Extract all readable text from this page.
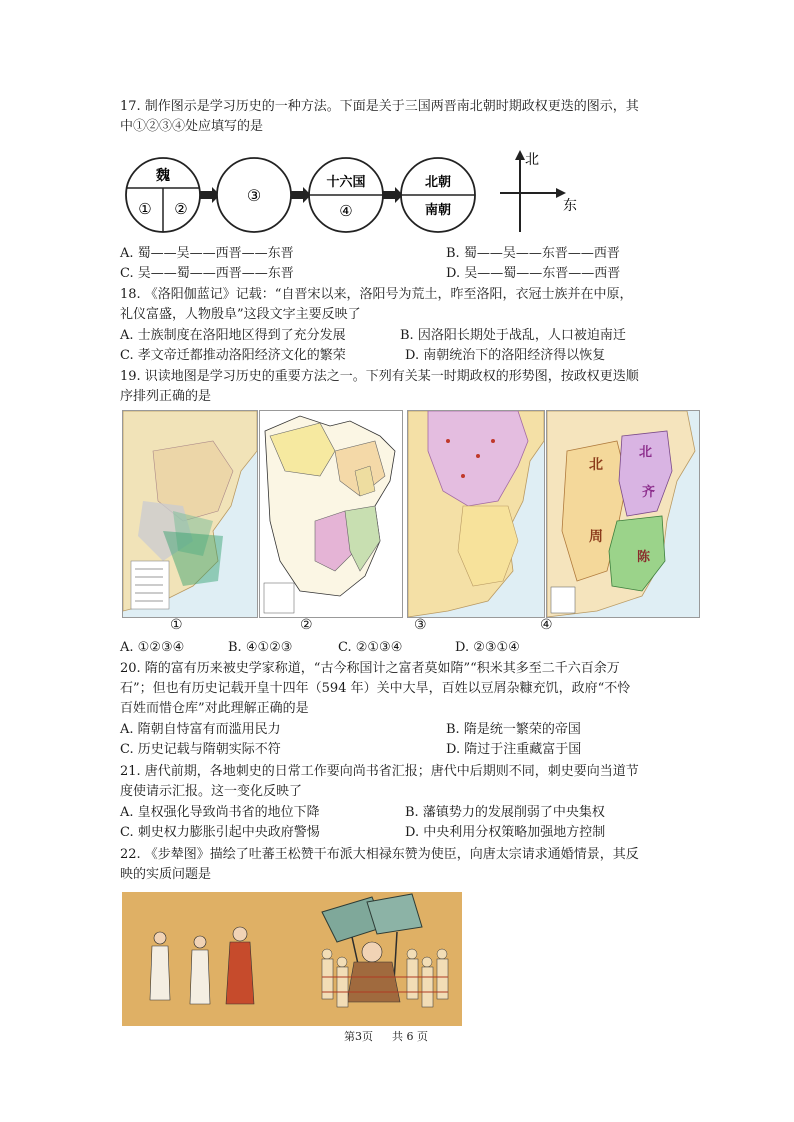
17. 制作图示是学习历史的一种方法。下面是关于三国两晋南北朝时期政权更迭的图示，其
中①②③④处应填写的是
魏
① ②
③
十六国
④
北朝
南朝
北
东
A. 蜀——吴——西晋——东晋	B. 蜀——吴——东晋——西晋
C. 吴——蜀——西晋——东晋	D. 吴——蜀——东晋——西晋
18. 《洛阳伽蓝记》记载：“自晋宋以来，洛阳号为荒土，昨至洛阳，衣冠士族并在中原，
礼仪富盛，人物殷阜”这段文字主要反映了
A. 士族制度在洛阳地区得到了充分发展	B. 因洛阳长期处于战乱，人口被迫南迁
C. 孝文帝迁都推动洛阳经济文化的繁荣	D. 南朝统治下的洛阳经济得以恢复
19. 识读地图是学习历史的重要方法之一。下列有关某一时期政权的形势图，按政权更迭顺
序排列正确的是
北
周
北
齐
陈
①	②	③	④
A. ①②③④	B. ④①②③	C. ②①③④	D. ②③①④
20. 隋的富有历来被史学家称道，“古今称国计之富者莫如隋”“积米其多至二千六百余万
石”；但也有历史记载开皇十四年（594 年）关中大旱，百姓以豆屑杂糠充饥，政府“不怜
百姓而惜仓库”对此理解正确的是
A. 隋朝自恃富有而滥用民力	B. 隋是统一繁荣的帝国
C. 历史记载与隋朝实际不符	D. 隋过于注重藏富于国
21. 唐代前期，各地刺史的日常工作要向尚书省汇报；唐代中后期则不同，刺史要向当道节
度使请示汇报。这一变化反映了
A. 皇权强化导致尚书省的地位下降	B. 藩镇势力的发展削弱了中央集权
C. 刺史权力膨胀引起中央政府警惕	D. 中央利用分权策略加强地方控制
22. 《步辇图》描绘了吐蕃王松赞干布派大相禄东赞为使臣，向唐太宗请求通婚情景，其反
映的实质问题是
第3页 共 6 页
